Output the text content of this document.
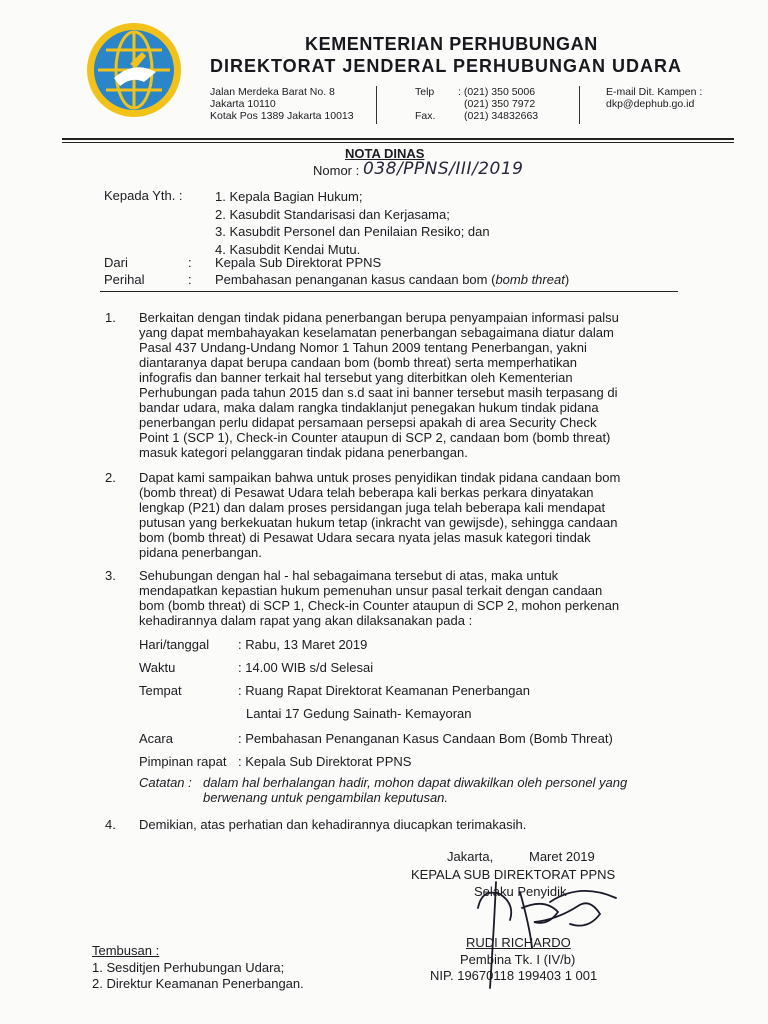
KEMENTERIAN PERHUBUNGAN
DIREKTORAT JENDERAL PERHUBUNGAN UDARA
Jalan Merdeka Barat No. 8
Jakarta 10110
Kotak Pos 1389 Jakarta 10013
Telp : (021) 350 5006
(021) 350 7972
Fax.	(021) 34832663
E-mail Dit. Kampen :
dkp@dephub.go.id
NOTA DINAS
Nomor : 038/PPNS/III/2019
Kepada Yth. : 1. Kepala Bagian Hukum;
2. Kasubdit Standarisasi dan Kerjasama;
3. Kasubdit Personel dan Penilaian Resiko; dan
4. Kasubdit Kendai Mutu.
Dari	: Kepala Sub Direktorat PPNS
Perihal	: Pembahasan penanganan kasus candaan bom (bomb threat)
1. Berkaitan dengan tindak pidana penerbangan berupa penyampaian informasi palsu
yang dapat membahayakan keselamatan penerbangan sebagaimana diatur dalam
Pasal 437 Undang-Undang Nomor 1 Tahun 2009 tentang Penerbangan, yakni
diantaranya dapat berupa candaan bom (bomb threat) serta memperhatikan
infografis dan banner terkait hal tersebut yang diterbitkan oleh Kementerian
Perhubungan pada tahun 2015 dan s.d saat ini banner tersebut masih terpasang di
bandar udara, maka dalam rangka tindaklanjut penegakan hukum tindak pidana
penerbangan perlu didapat persamaan persepsi apakah di area Security Check
Point 1 (SCP 1), Check-in Counter ataupun di SCP 2, candaan bom (bomb threat)
masuk kategori pelanggaran tindak pidana penerbangan.
2. Dapat kami sampaikan bahwa untuk proses penyidikan tindak pidana candaan bom
(bomb threat) di Pesawat Udara telah beberapa kali berkas perkara dinyatakan
lengkap (P21) dan dalam proses persidangan juga telah beberapa kali mendapat
putusan yang berkekuatan hukum tetap (inkracht van gewijsde), sehingga candaan
bom (bomb threat) di Pesawat Udara secara nyata jelas masuk kategori tindak
pidana penerbangan.
3. Sehubungan dengan hal - hal sebagaimana tersebut di atas, maka untuk
mendapatkan kepastian hukum pemenuhan unsur pasal terkait dengan candaan
bom (bomb threat) di SCP 1, Check-in Counter ataupun di SCP 2, mohon perkenan
kehadirannya dalam rapat yang akan dilaksanakan pada :
Hari/tanggal : Rabu, 13 Maret 2019
Waktu	: 14.00 WIB s/d Selesai
Tempat	: Ruang Rapat Direktorat Keamanan Penerbangan
Lantai 17 Gedung Sainath- Kemayoran
Acara	: Pembahasan Penanganan Kasus Candaan Bom (Bomb Threat)
Pimpinan rapat : Kepala Sub Direktorat PPNS
Catatan : dalam hal berhalangan hadir, mohon dapat diwakilkan oleh personel yang
berwenang untuk pengambilan keputusan.
4. Demikian, atas perhatian dan kehadirannya diucapkan terimakasih.
Jakarta,	Maret 2019
KEPALA SUB DIREKTORAT PPNS
Selaku Penyidik
RUDI RICHARDO
Pembina Tk. I (IV/b)
NIP. 19670118 199403 1 001
Tembusan :
1. Sesditjen Perhubungan Udara;
2. Direktur Keamanan Penerbangan.
